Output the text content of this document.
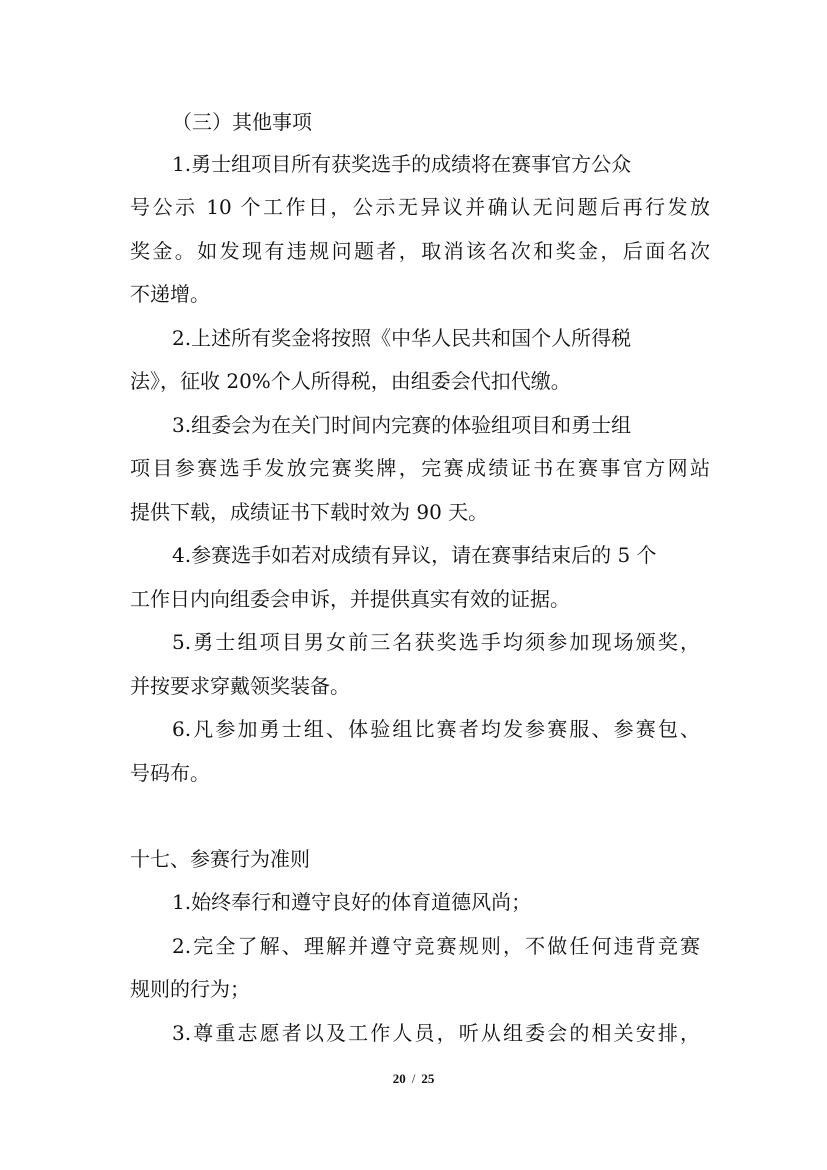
（三）其他事项

1.勇士组项目所有获奖选手的成绩将在赛事官方公众

号公示 10 个工作日，公示无异议并确认无问题后再行发放

奖金。如发现有违规问题者，取消该名次和奖金，后面名次

不递增。

2.上述所有奖金将按照《中华人民共和国个人所得税

法》，征收 20%个人所得税，由组委会代扣代缴。

3.组委会为在关门时间内完赛的体验组项目和勇士组

项目参赛选手发放完赛奖牌，完赛成绩证书在赛事官方网站

提供下载，成绩证书下载时效为 90 天。

4.参赛选手如若对成绩有异议，请在赛事结束后的 5 个

工作日内向组委会申诉，并提供真实有效的证据。

5.勇士组项目男女前三名获奖选手均须参加现场颁奖，

并按要求穿戴领奖装备。

6.凡参加勇士组、体验组比赛者均发参赛服、参赛包、

号码布。

十七、参赛行为准则

1.始终奉行和遵守良好的体育道德风尚；

2.完全了解、理解并遵守竞赛规则，不做任何违背竞赛

规则的行为；

3.尊重志愿者以及工作人员，听从组委会的相关安排，

20 / 25
